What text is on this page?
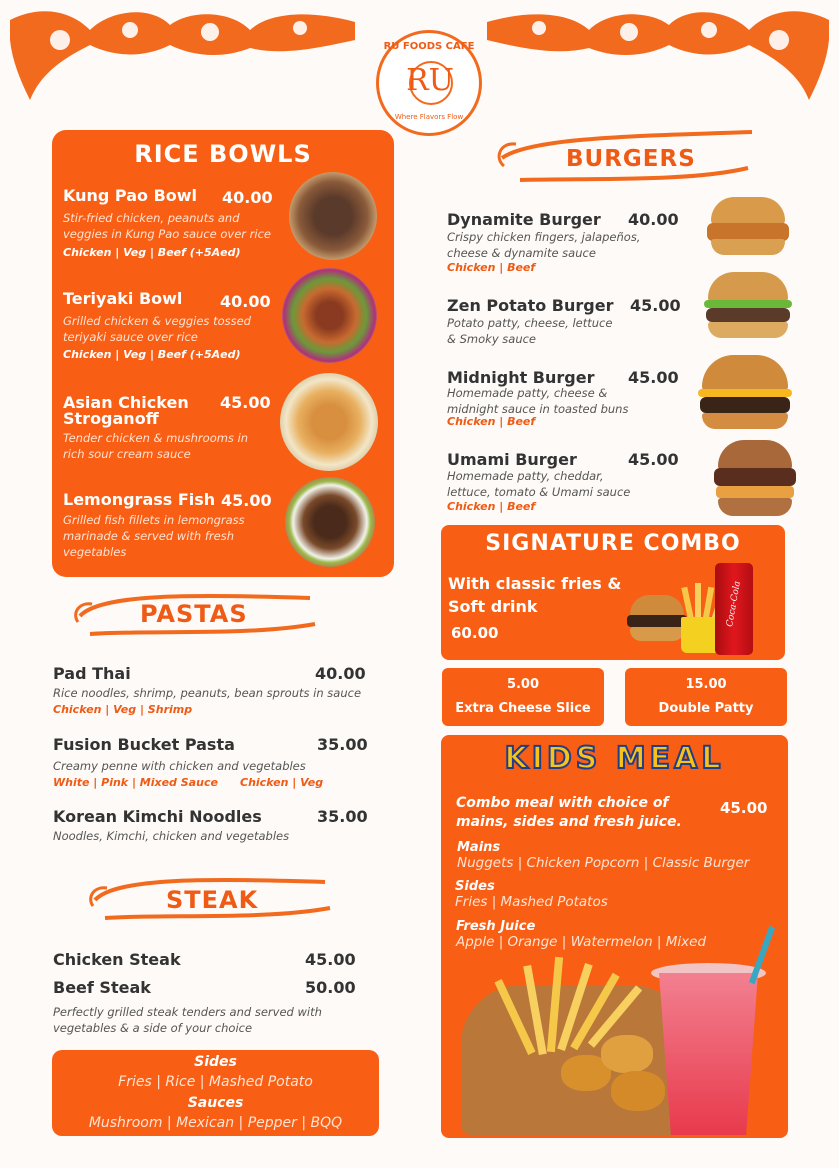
RU
RU FOODS CAFE
Where Flavors Flow
RICE BOWLS
Kung Pao Bowl 40.00
Stir-fried chicken, peanuts and
veggies in Kung Pao sauce over rice
Chicken | Veg | Beef (+5Aed)
Teriyaki Bowl 40.00
Grilled chicken & veggies tossed
teriyaki sauce over rice
Chicken | Veg | Beef (+5Aed)
Asian Chicken
Stroganoff
45.00
Tender chicken & mushrooms in
rich sour cream sauce
Lemongrass Fish 45.00
Grilled fish fillets in lemongrass
marinade & served with fresh
vegetables
PASTAS
Pad Thai	40.00
Rice noodles, shrimp, peanuts, bean sprouts in sauce
Chicken | Veg | Shrimp
Fusion Bucket Pasta	35.00
Creamy penne with chicken and vegetables
White | Pink | Mixed Sauce Chicken | Veg
Korean Kimchi Noodles	35.00
Noodles, Kimchi, chicken and vegetables
STEAK
Chicken Steak	45.00
Beef Steak	50.00
Perfectly grilled steak tenders and served with
vegetables & a side of your choice
Sides
Fries | Rice | Mashed Potato
Sauces
Mushroom | Mexican | Pepper | BQQ
BURGERS
Dynamite Burger 40.00
Crispy chicken fingers, jalapeños,
cheese & dynamite sauce
Chicken | Beef
Zen Potato Burger 45.00
Potato patty, cheese, lettuce
& Smoky sauce
Midnight Burger 45.00
Homemade patty, cheese &
midnight sauce in toasted buns
Chicken | Beef
Umami Burger	45.00
Homemade patty, cheddar,
lettuce, tomato & Umami sauce
Chicken | Beef
SIGNATURE COMBO
With classic fries &
Soft drink
60.00
Coca-Cola
5.00
Extra Cheese Slice
15.00
Double Patty
KIDS MEAL
Combo meal with choice of
mains, sides and fresh juice.
45.00
Mains
Nuggets | Chicken Popcorn | Classic Burger
Sides
Fries | Mashed Potatos
Fresh Juice
Apple | Orange | Watermelon | Mixed
